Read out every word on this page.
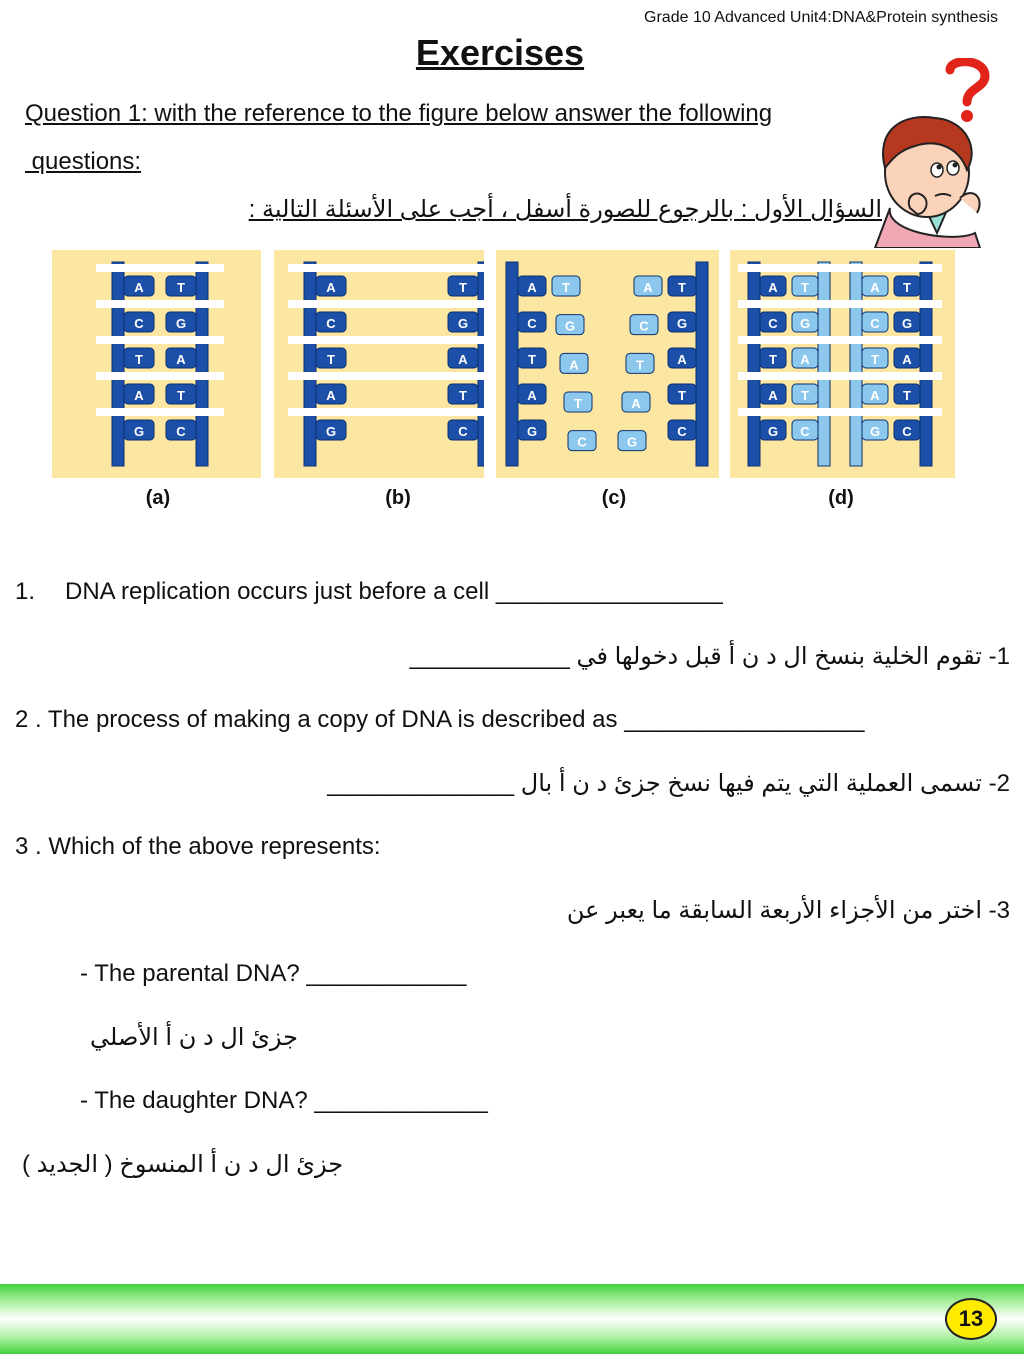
Grade 10 Advanced Unit4:DNA&Protein synthesis
Exercises
Question 1: with the reference to the figure below answer the following
questions:
السؤال الأول : بالرجوع للصورة أسفل ، أجب على الأسئلة التالية :
A	T
C G
T	A
A	T
G C
A	T
C	G
T	A
A	T
G	C
A	T
T	A
C	G
G	C
T	A
A	T
A	T
T	A
G	C
C	G
A T
C G
T A
A T
G C
A T
C G
T A
A T
G C
(a)	(b)	(c)	(d)
1. DNA replication occurs just before a cell _________________
1- تقوم الخلية بنسخ ال د ن أ قبل دخولها في ____________
2 . The process of making a copy of DNA is described as __________________
2- تسمى العملية التي يتم فيها نسخ جزئ د ن أ بال ______________
3 . Which of the above represents:
3- اختر من الأجزاء الأربعة السابقة ما يعبر عن
- The parental DNA? ____________
جزئ ال د ن أ الأصلي
- The daughter DNA? _____________
جزئ ال د ن أ المنسوخ ( الجديد )
13
